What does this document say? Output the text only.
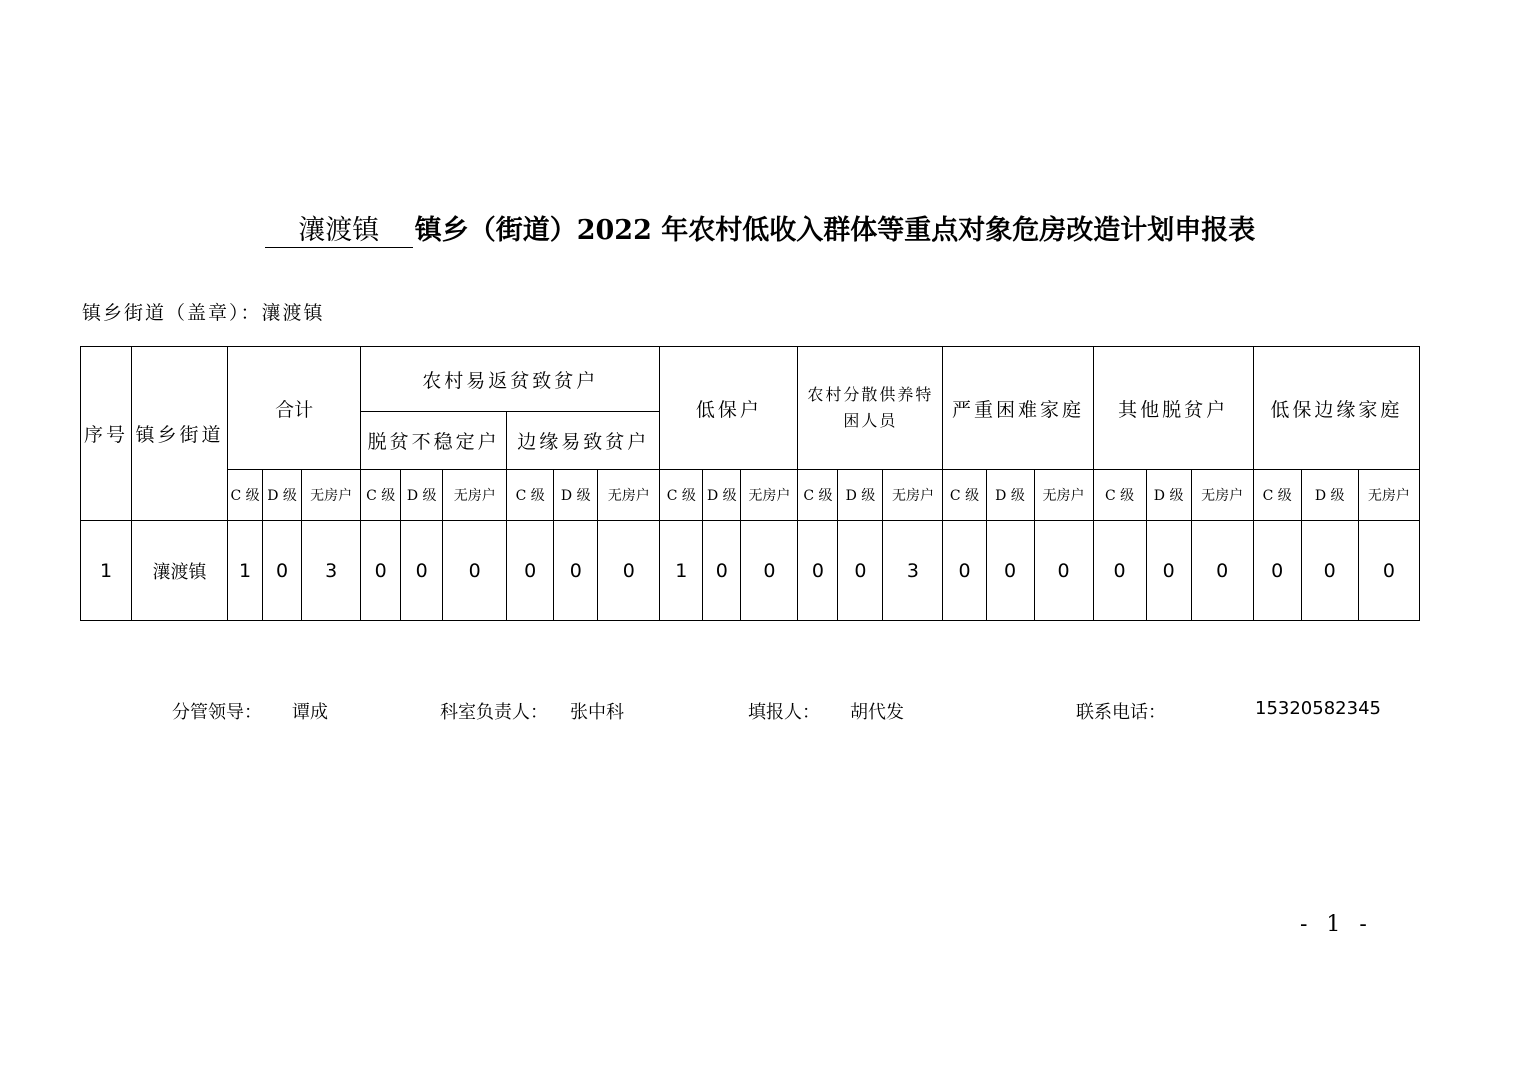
瀼渡镇 镇乡（街道）2022 年农村低收入群体等重点对象危房改造计划申报表
镇乡街道（盖章）：瀼渡镇
序号	镇乡街道	合计			农村易返贫致贫户						低保户			农村分散供养特困人员			严重困难家庭			其他脱贫户			低保边缘家庭		
					脱贫不稳定户			边缘易致贫户																	
		C 级	D 级	无房户	C 级	D 级	无房户	C 级	D 级	无房户	C 级	D 级	无房户	C 级	D 级	无房户	C 级	D 级	无房户	C 级	D 级	无房户	C 级	D 级	无房户
1	瀼渡镇	1	0	3	0	0	0	0	0	0	1	0	0	0	0	3	0	0	0	0	0	0	0	0	0
分管领导： 谭成	科室负责人： 张中科	填报人： 胡代发	联系电话：	15320582345
- 1 -
